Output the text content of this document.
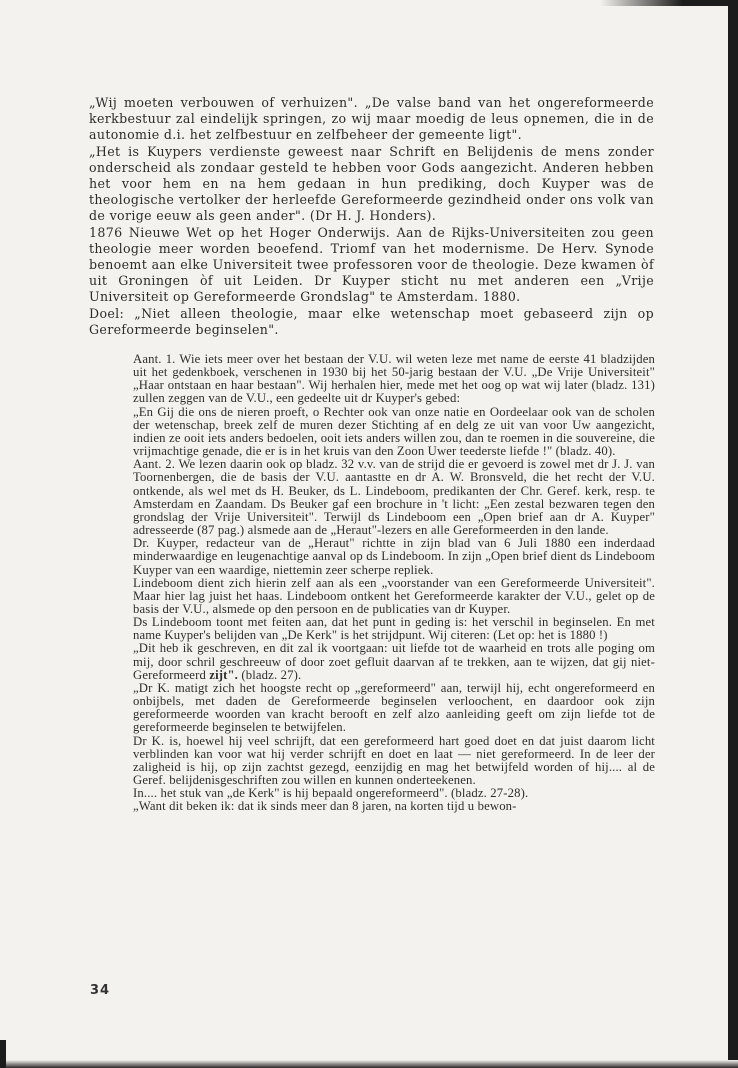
„Wij moeten verbouwen of verhuizen". „De valse band van het ongereformeerde kerkbestuur zal eindelijk springen, zo wij maar moedig de leus opnemen, die in de autonomie d.i. het zelfbestuur en zelfbeheer der gemeente ligt".

„Het is Kuypers verdienste geweest naar Schrift en Belijdenis de mens zonder onderscheid als zondaar gesteld te hebben voor Gods aangezicht. Anderen hebben het voor hem en na hem gedaan in hun prediking, doch Kuyper was de theologische vertolker der herleefde Gereformeerde gezindheid onder ons volk van de vorige eeuw als geen ander". (Dr H. J. Honders).

1876 Nieuwe Wet op het Hoger Onderwijs. Aan de Rijks-Universiteiten zou geen theologie meer worden beoefend. Triomf van het modernisme. De Herv. Synode benoemt aan elke Universiteit twee professoren voor de theologie. Deze kwamen òf uit Groningen òf uit Leiden. Dr Kuyper sticht nu met anderen een „Vrije Universiteit op Gereformeerde Grondslag" te Amsterdam. 1880.

Doel: „Niet alleen theologie, maar elke wetenschap moet gebaseerd zijn op Gereformeerde beginselen".

Aant. 1. Wie iets meer over het bestaan der V.U. wil weten leze met name de eerste 41 bladzijden uit het gedenkboek, verschenen in 1930 bij het 50-jarig bestaan der V.U. „De Vrije Universiteit" „Haar ontstaan en haar bestaan". Wij herhalen hier, mede met het oog op wat wij later (bladz. 131) zullen zeggen van de V.U., een gedeelte uit dr Kuyper's gebed:

„En Gij die ons de nieren proeft, o Rechter ook van onze natie en Oordeelaar ook van de scholen der wetenschap, breek zelf de muren dezer Stichting af en delg ze uit van voor Uw aangezicht, indien ze ooit iets anders bedoelen, ooit iets anders willen zou, dan te roemen in die souvereine, die vrijmachtige genade, die er is in het kruis van den Zoon Uwer teederste liefde !" (bladz. 40).

Aant. 2. We lezen daarin ook op bladz. 32 v.v. van de strijd die er gevoerd is zowel met dr J. J. van Toornenbergen, die de basis der V.U. aantastte en dr A. W. Bronsveld, die het recht der V.U. ontkende, als wel met ds H. Beuker, ds L. Lindeboom, predikanten der Chr. Geref. kerk, resp. te Amsterdam en Zaandam. Ds Beuker gaf een brochure in 't licht: „Een zestal bezwaren tegen den grondslag der Vrije Universiteit". Terwijl ds Lindeboom een „Open brief aan dr A. Kuyper" adresseerde (87 pag.) alsmede aan de „Heraut"-lezers en alle Gereformeerden in den lande.

Dr. Kuyper, redacteur van de „Heraut" richtte in zijn blad van 6 Juli 1880 een inderdaad minderwaardige en leugenachtige aanval op ds Lindeboom. In zijn „Open brief dient ds Lindeboom Kuyper van een waardige, niettemin zeer scherpe repliek.

Lindeboom dient zich hierin zelf aan als een „voorstander van een Gereformeerde Universiteit". Maar hier lag juist het haas. Lindeboom ontkent het Gereformeerde karakter der V.U., gelet op de basis der V.U., alsmede op den persoon en de publicaties van dr Kuyper.

Ds Lindeboom toont met feiten aan, dat het punt in geding is: het verschil in beginselen. En met name Kuyper's belijden van „De Kerk" is het strijdpunt. Wij citeren: (Let op: het is 1880 !)

„Dit heb ik geschreven, en dit zal ik voortgaan: uit liefde tot de waarheid en trots alle poging om mij, door schril geschreeuw of door zoet gefluit daarvan af te trekken, aan te wijzen, dat gij niet-Gereformeerd zijt". (bladz. 27).

„Dr K. matigt zich het hoogste recht op „gereformeerd" aan, terwijl hij, echt ongereformeerd en onbijbels, met daden de Gereformeerde beginselen verloochent, en daardoor ook zijn gereformeerde woorden van kracht berooft en zelf alzo aanleiding geeft om zijn liefde tot de gereformeerde beginselen te betwijfelen.

Dr K. is, hoewel hij veel schrijft, dat een gereformeerd hart goed doet en dat juist daarom licht verblinden kan voor wat hij verder schrijft en doet en laat — niet gereformeerd. In de leer der zaligheid is hij, op zijn zachtst gezegd, eenzijdig en mag het betwijfeld worden of hij.... al de Geref. belijdenisgeschriften zou willen en kunnen onderteekenen.

In.... het stuk van „de Kerk" is hij bepaald ongereformeerd". (bladz. 27-28).

„Want dit beken ik: dat ik sinds meer dan 8 jaren, na korten tijd u bewon-

34
